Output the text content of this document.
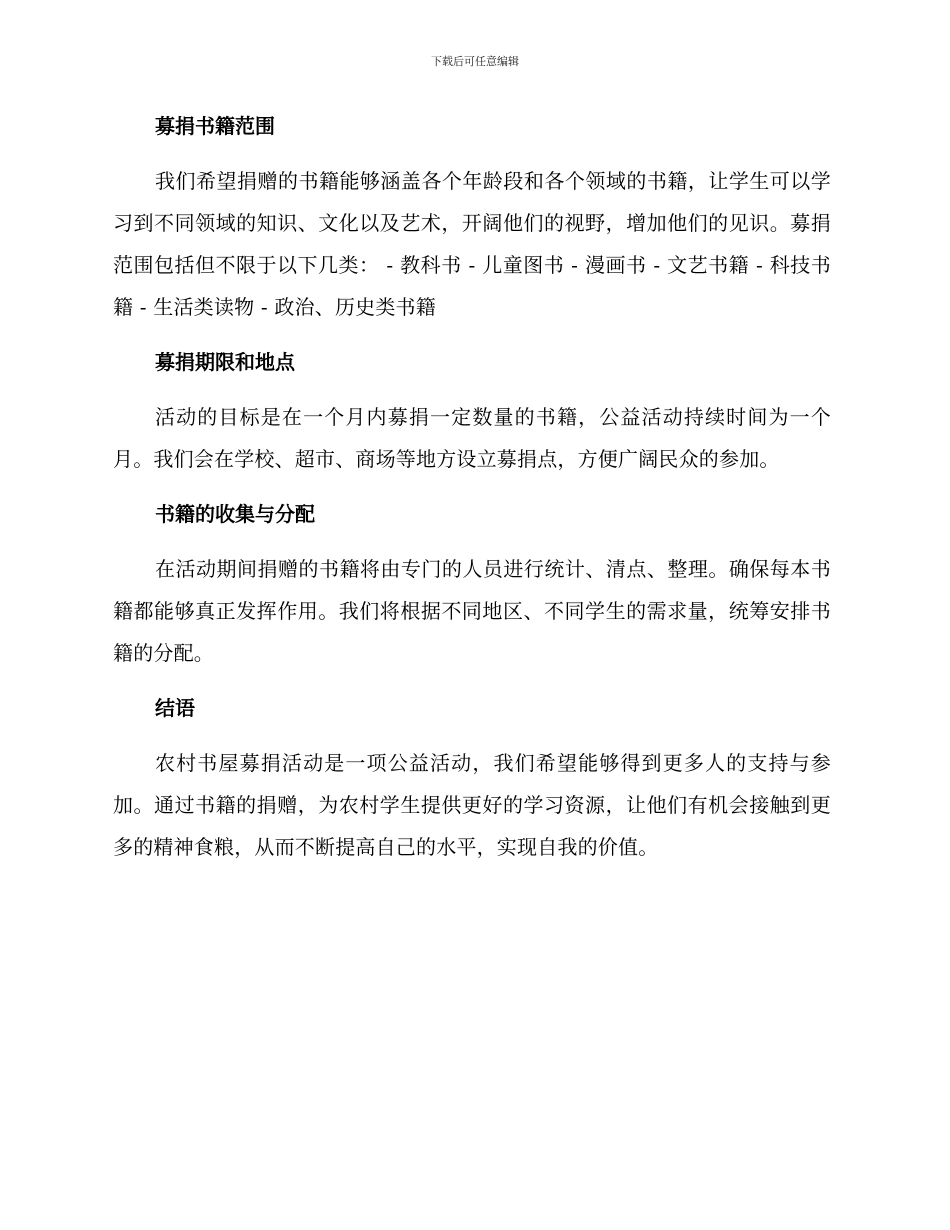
下载后可任意编辑
募捐书籍范围

我们希望捐赠的书籍能够涵盖各个年龄段和各个领域的书籍，让学生可以学习到不同领域的知识、文化以及艺术，开阔他们的视野，增加他们的见识。募捐范围包括但不限于以下几类： - 教科书 - 儿童图书 - 漫画书 - 文艺书籍 - 科技书籍 - 生活类读物 - 政治、历史类书籍

募捐期限和地点

活动的目标是在一个月内募捐一定数量的书籍，公益活动持续时间为一个月。我们会在学校、超市、商场等地方设立募捐点，方便广阔民众的参加。

书籍的收集与分配

在活动期间捐赠的书籍将由专门的人员进行统计、清点、整理。确保每本书籍都能够真正发挥作用。我们将根据不同地区、不同学生的需求量，统筹安排书籍的分配。

结语

农村书屋募捐活动是一项公益活动，我们希望能够得到更多人的支持与参加。通过书籍的捐赠，为农村学生提供更好的学习资源，让他们有机会接触到更多的精神食粮，从而不断提高自己的水平，实现自我的价值。
